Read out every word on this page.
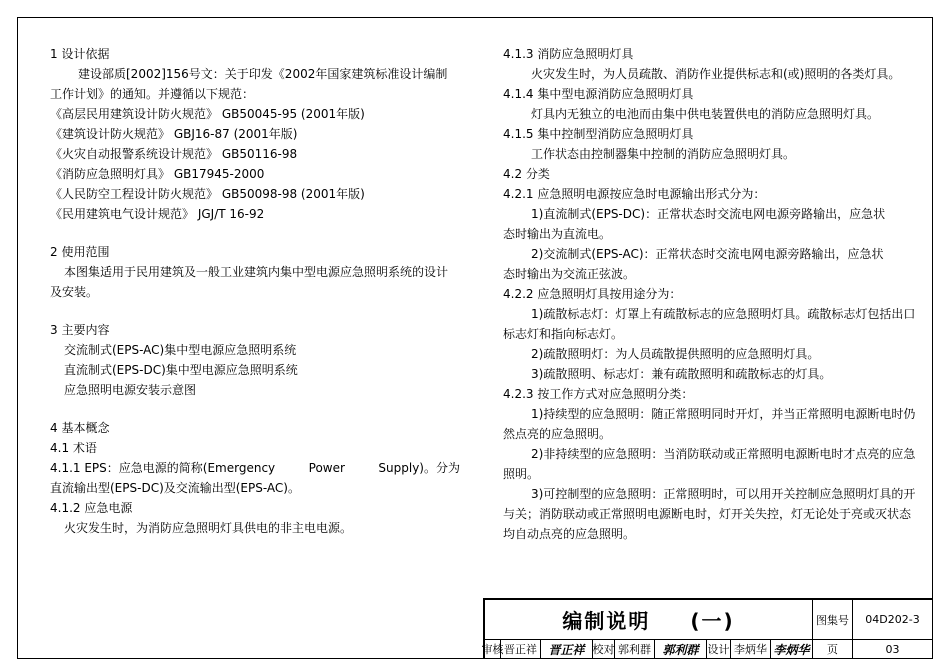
1 设计依据
建设部质[2002]156号文：关于印发《2002年国家建筑标准设计编制
工作计划》的通知。并遵循以下规范：
《高层民用建筑设计防火规范》 GB50045-95 (2001年版)
《建筑设计防火规范》 GBJ16-87 (2001年版)
《火灾自动报警系统设计规范》 GB50116-98
《消防应急照明灯具》 GB17945-2000
《人民防空工程设计防火规范》 GB50098-98 (2001年版)
《民用建筑电气设计规范》 JGJ/T 16-92
2 使用范围
本图集适用于民用建筑及一般工业建筑内集中型电源应急照明系统的设计
及安装。
3 主要内容
交流制式(EPS-AC)集中型电源应急照明系统
直流制式(EPS-DC)集中型电源应急照明系统
应急照明电源安装示意图
4 基本概念
4.1 术语
4.1.1 EPS：应急电源的简称(Emergency	Power	Supply)。分为
直流输出型(EPS-DC)及交流输出型(EPS-AC)。
4.1.2 应急电源
火灾发生时，为消防应急照明灯具供电的非主电电源。
4.1.3 消防应急照明灯具
火灾发生时，为人员疏散、消防作业提供标志和(或)照明的各类灯具。
4.1.4 集中型电源消防应急照明灯具
灯具内无独立的电池而由集中供电装置供电的消防应急照明灯具。
4.1.5 集中控制型消防应急照明灯具
工作状态由控制器集中控制的消防应急照明灯具。
4.2 分类
4.2.1 应急照明电源按应急时电源输出形式分为：
1)直流制式(EPS-DC)：正常状态时交流电网电源旁路输出，应急状
态时输出为直流电。
2)交流制式(EPS-AC)：正常状态时交流电网电源旁路输出，应急状
态时输出为交流正弦波。
4.2.2 应急照明灯具按用途分为：
1)疏散标志灯：灯罩上有疏散标志的应急照明灯具。疏散标志灯包括出口
标志灯和指向标志灯。
2)疏散照明灯：为人员疏散提供照明的应急照明灯具。
3)疏散照明、标志灯：兼有疏散照明和疏散标志的灯具。
4.2.3 按工作方式对应急照明分类：
1)持续型的应急照明：随正常照明同时开灯，并当正常照明电源断电时仍
然点亮的应急照明。
2)非持续型的应急照明：当消防联动或正常照明电源断电时才点亮的应急
照明。
3)可控制型的应急照明：正常照明时，可以用开关控制应急照明灯具的开
与关；消防联动或正常照明电源断电时，灯开关失控，灯无论处于亮或灭状态
均自动点亮的应急照明。
编制说明 (一)	图集号	04D202-3
审核 晋正祥 晋正祥 校对 郭利群 郭利群 设计 李炳华 李炳华	页	03
